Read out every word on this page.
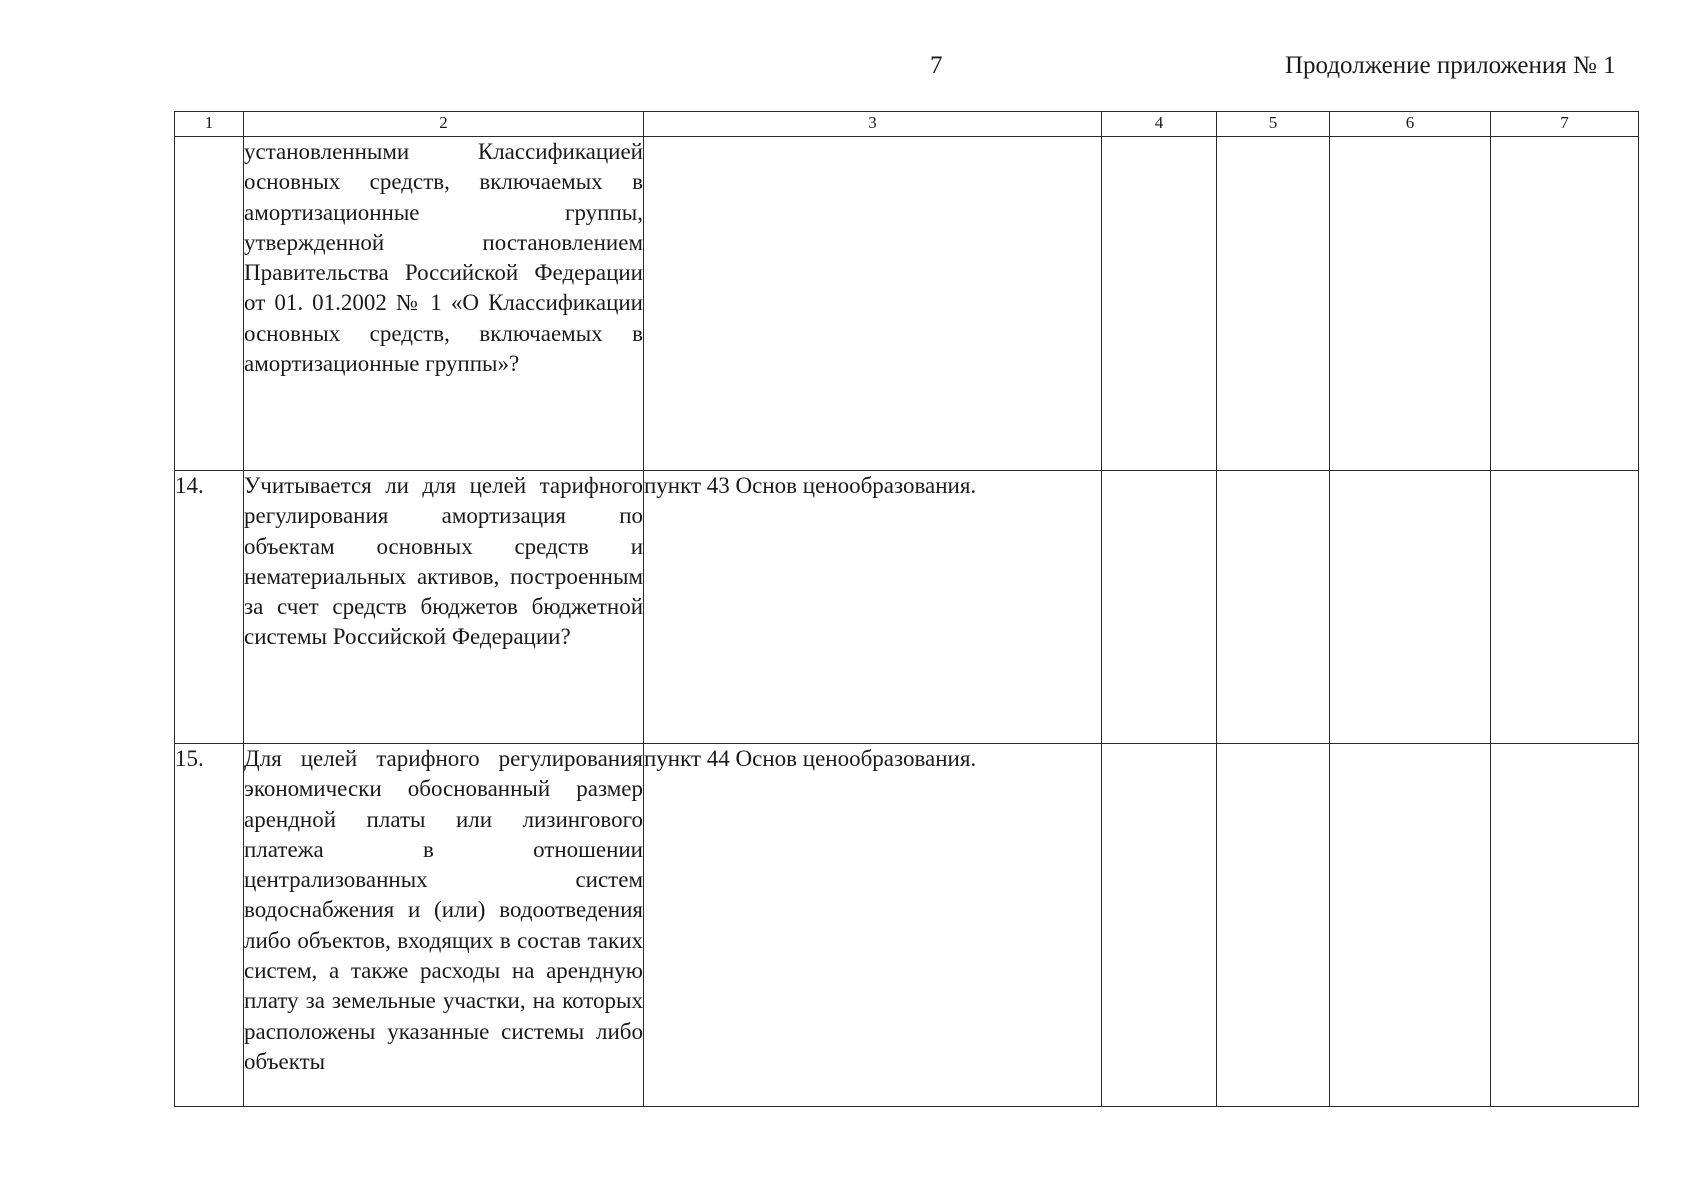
7	Продолжение приложения № 1
1	2	3	4	5	6	7
	установленными Классификацией основных средств, включаемых в амортизационные группы, утвержденной постановлением Правительства Российской Федерации от 01. 01.2002 № 1 «О Классификации основных средств, включаемых в амортизационные группы»?					
14.	Учитывается ли для целей тарифного регулирования амортизация по объектам основных средств и нематериальных активов, построенным за счет средств бюджетов бюджетной системы Российской Федерации?	пункт 43 Основ ценообразования.				
15.	Для целей тарифного регулирования экономически обоснованный размер арендной платы или лизингового платежа в отношении централизованных систем водоснабжения и (или) водоотведения либо объектов, входящих в состав таких систем, а также расходы на арендную плату за земельные участки, на которых расположены указанные системы либо объекты	пункт 44 Основ ценообразования.				
